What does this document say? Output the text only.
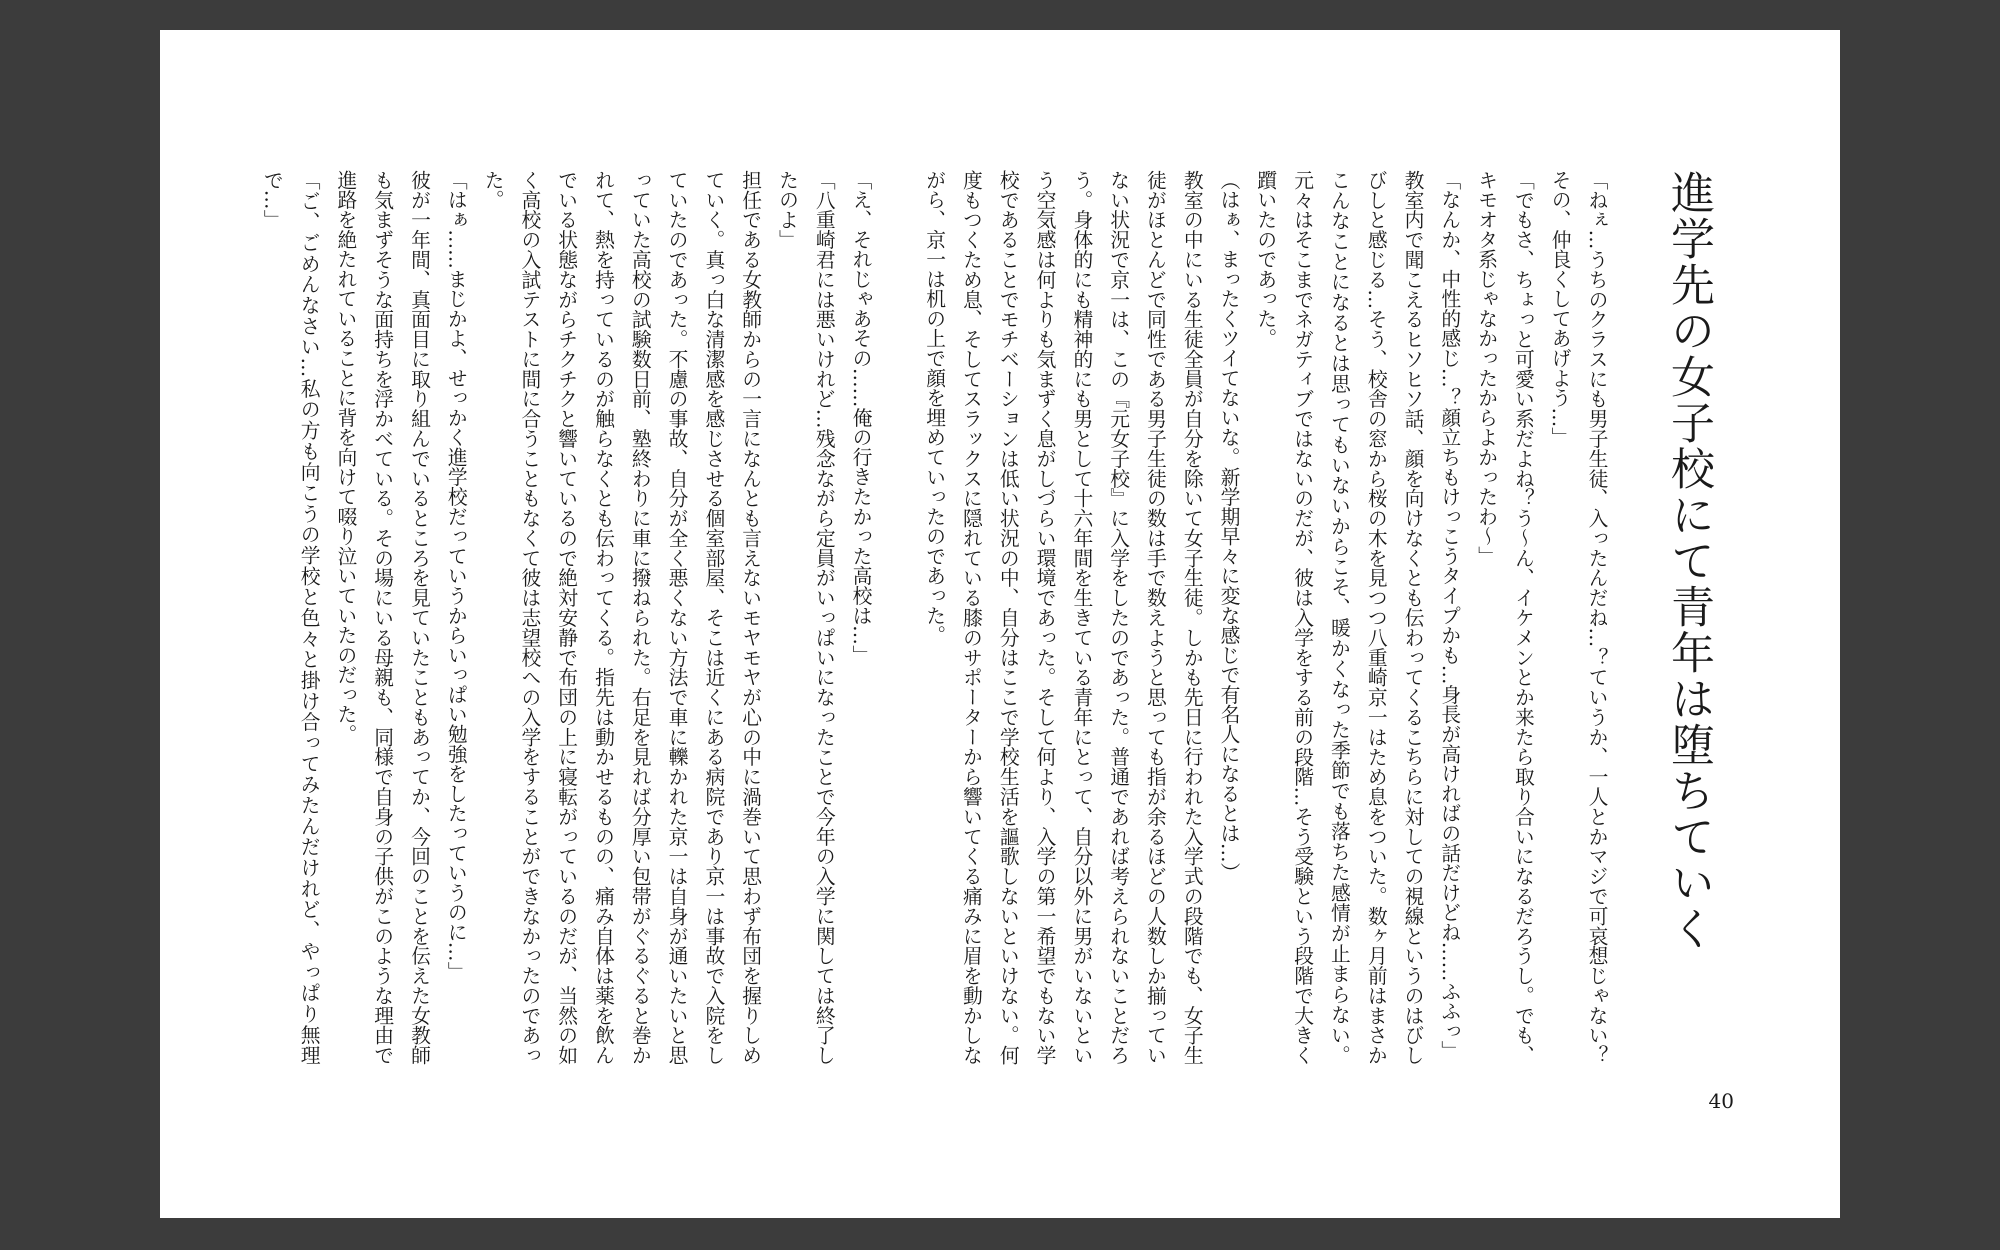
進学先の女子校にて青年は堕ちていく

「ねぇ…うちのクラスにも男子生徒、入ったんだね…？ていうか、一人とかマジで可哀想じゃない？その、仲良くしてあげよう…」

「でもさ、ちょっと可愛い系だよね？う〜ん、イケメンとか来たら取り合いになるだろうし。でも、キモオタ系じゃなかったからよかったわ〜」

「なんか、中性的感じ…？顔立ちもけっこうタイプかも…身長が高ければの話だけどね……ふふっ」

教室内で聞こえるヒソヒソ話、顔を向けなくとも伝わってくるこちらに対しての視線というのはびしびしと感じる…そう、校舎の窓から桜の木を見つつ八重崎京一はため息をついた。数ヶ月前はまさかこんなことになるとは思ってもいないからこそ、暖かくなった季節でも落ちた感情が止まらない。元々はそこまでネガティブではないのだが、彼は入学をする前の段階…そう受験という段階で大きく躓いたのであった。

（はぁ、まったくツイてないな。新学期早々に変な感じで有名人になるとは…）

教室の中にいる生徒全員が自分を除いて女子生徒。しかも先日に行われた入学式の段階でも、女子生徒がほとんどで同性である男子生徒の数は手で数えようと思っても指が余るほどの人数しか揃っていない状況で京一は、この『元女子校』に入学をしたのであった。普通であれば考えられないことだろう。身体的にも精神的にも男として十六年間を生きている青年にとって、自分以外に男がいないという空気感は何よりも気まずく息がしづらい環境であった。そして何より、入学の第一希望でもない学校であることでモチベーションは低い状況の中、自分はここで学校生活を謳歌しないといけない。何度もつくため息、そしてスラックスに隠れている膝のサポーターから響いてくる痛みに眉を動かしながら、京一は机の上で顔を埋めていったのであった。

「え、それじゃあその……俺の行きたかった高校は…」

「八重崎君には悪いけれど…残念ながら定員がいっぱいになったことで今年の入学に関しては終了したのよ」

担任である女教師からの一言になんとも言えないモヤモヤが心の中に渦巻いて思わず布団を握りしめていく。真っ白な清潔感を感じさせる個室部屋、そこは近くにある病院であり京一は事故で入院をしていたのであった。不慮の事故、自分が全く悪くない方法で車に轢かれた京一は自身が通いたいと思っていた高校の試験数日前、塾終わりに車に撥ねられた。右足を見れば分厚い包帯がぐるぐると巻かれて、熱を持っているのが触らなくとも伝わってくる。指先は動かせるものの、痛み自体は薬を飲んでいる状態ながらチクチクと響いているので絶対安静で布団の上に寝転がっているのだが、当然の如く高校の入試テストに間に合うこともなくて彼は志望校への入学をすることができなかったのであった。

「はぁ……まじかよ、せっかく進学校だっていうからいっぱい勉強をしたっていうのに…」

彼が一年間、真面目に取り組んでいるところを見ていたこともあってか、今回のことを伝えた女教師も気まずそうな面持ちを浮かべている。その場にいる母親も、同様で自身の子供がこのような理由で進路を絶たれていることに背を向けて啜り泣いていたのだった。

「ご、ごめんなさい…私の方も向こうの学校と色々と掛け合ってみたんだけれど、やっぱり無理で…」

40
